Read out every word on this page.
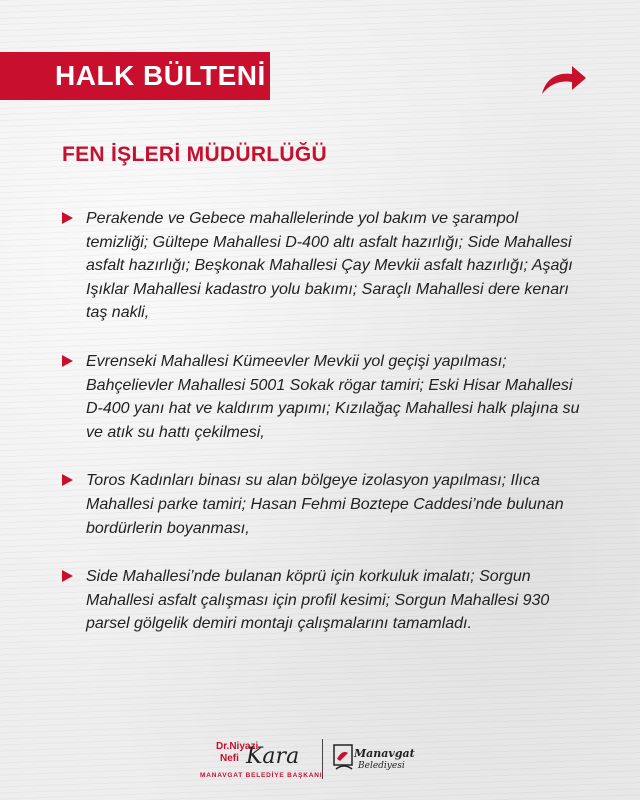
HALK BÜLTENİ
FEN İŞLERİ MÜDÜRLÜĞÜ
Perakende ve Gebece mahallelerinde yol bakım ve şarampol temizliği; Gültepe Mahallesi D-400 altı asfalt hazırlığı; Side Mahallesi asfalt hazırlığı; Beşkonak Mahallesi Çay Mevkii asfalt hazırlığı; Aşağı Işıklar Mahallesi kadastro yolu bakımı; Saraçlı Mahallesi dere kenarı taş nakli,
Evrenseki Mahallesi Kümeevler Mevkii yol geçişi yapılması; Bahçelievler Mahallesi 5001 Sokak rögar tamiri; Eski Hisar Mahallesi D-400 yanı hat ve kaldırım yapımı; Kızılağaç Mahallesi halk plajına su ve atık su hattı çekilmesi,
Toros Kadınları binası su alan bölgeye izolasyon yapılması; Ilıca Mahallesi parke tamiri; Hasan Fehmi Boztepe Caddesi’nde bulunan bordürlerin boyanması,
Side Mahallesi’nde bulanan köprü için korkuluk imalatı; Sorgun Mahallesi asfalt çalışması için profil kesimi; Sorgun Mahallesi 930 parsel gölgelik demiri montajı çalışmalarını tamamladı.
Dr.Niyazi
Nefi Kara
MANAVGAT BELEDİYE BAŞKANI
Manavgat
Belediyesi
